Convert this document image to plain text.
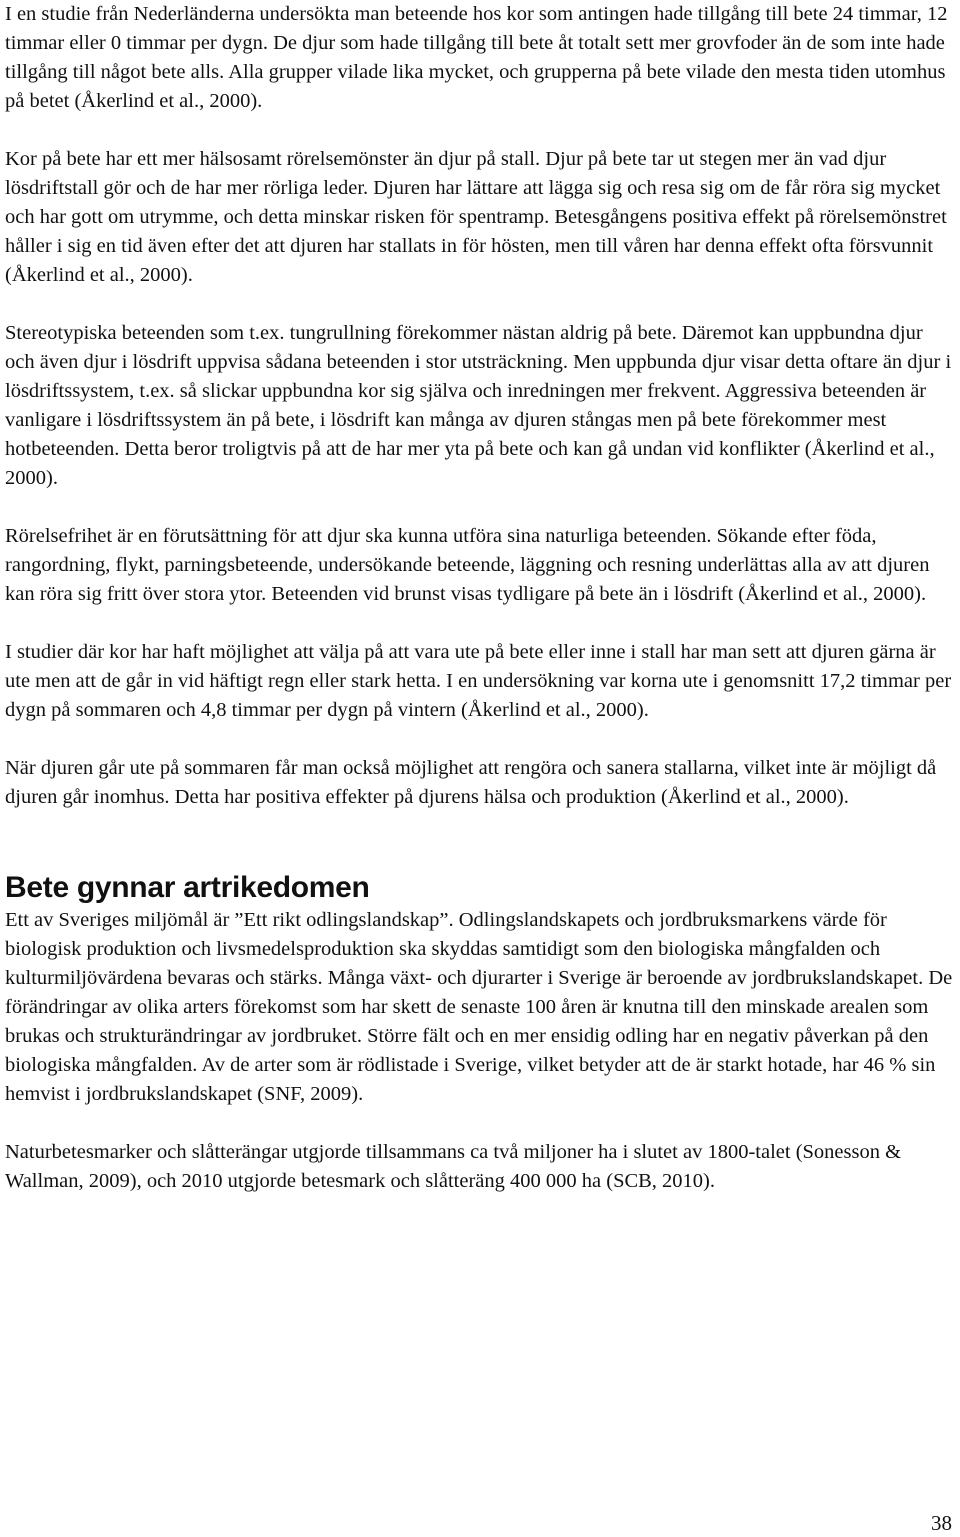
I en studie från Nederländerna undersökta man beteende hos kor som antingen hade tillgång till bete 24 timmar, 12 timmar eller 0 timmar per dygn. De djur som hade tillgång till bete åt totalt sett mer grovfoder än de som inte hade tillgång till något bete alls. Alla grupper vilade lika mycket, och grupperna på bete vilade den mesta tiden utomhus på betet (Åkerlind et al., 2000).

Kor på bete har ett mer hälsosamt rörelsemönster än djur på stall. Djur på bete tar ut stegen mer än vad djur lösdriftstall gör och de har mer rörliga leder. Djuren har lättare att lägga sig och resa sig om de får röra sig mycket och har gott om utrymme, och detta minskar risken för spentramp. Betesgångens positiva effekt på rörelsemönstret håller i sig en tid även efter det att djuren har stallats in för hösten, men till våren har denna effekt ofta försvunnit (Åkerlind et al., 2000).

Stereotypiska beteenden som t.ex. tungrullning förekommer nästan aldrig på bete. Däremot kan uppbundna djur och även djur i lösdrift uppvisa sådana beteenden i stor utsträckning. Men uppbunda djur visar detta oftare än djur i lösdriftssystem, t.ex. så slickar uppbundna kor sig själva och inredningen mer frekvent. Aggressiva beteenden är vanligare i lösdriftssystem än på bete, i lösdrift kan många av djuren stångas men på bete förekommer mest hotbeteenden. Detta beror troligtvis på att de har mer yta på bete och kan gå undan vid konflikter (Åkerlind et al., 2000).

Rörelsefrihet är en förutsättning för att djur ska kunna utföra sina naturliga beteenden. Sökande efter föda, rangordning, flykt, parningsbeteende, undersökande beteende, läggning och resning underlättas alla av att djuren kan röra sig fritt över stora ytor. Beteenden vid brunst visas tydligare på bete än i lösdrift (Åkerlind et al., 2000).

I studier där kor har haft möjlighet att välja på att vara ute på bete eller inne i stall har man sett att djuren gärna är ute men att de går in vid häftigt regn eller stark hetta. I en undersökning var korna ute i genomsnitt 17,2 timmar per dygn på sommaren och 4,8 timmar per dygn på vintern (Åkerlind et al., 2000).

När djuren går ute på sommaren får man också möjlighet att rengöra och sanera stallarna, vilket inte är möjligt då djuren går inomhus. Detta har positiva effekter på djurens hälsa och produktion (Åkerlind et al., 2000).

Bete gynnar artrikedomen

Ett av Sveriges miljömål är ”Ett rikt odlingslandskap”. Odlingslandskapets och jordbruksmarkens värde för biologisk produktion och livsmedelsproduktion ska skyddas samtidigt som den biologiska mångfalden och kulturmiljövärdena bevaras och stärks. Många växt- och djurarter i Sverige är beroende av jordbrukslandskapet. De förändringar av olika arters förekomst som har skett de senaste 100 åren är knutna till den minskade arealen som brukas och strukturändringar av jordbruket. Större fält och en mer ensidig odling har en negativ påverkan på den biologiska mångfalden. Av de arter som är rödlistade i Sverige, vilket betyder att de är starkt hotade, har 46 % sin hemvist i jordbrukslandskapet (SNF, 2009).

Naturbetesmarker och slåtterängar utgjorde tillsammans ca två miljoner ha i slutet av 1800-talet (Sonesson & Wallman, 2009), och 2010 utgjorde betesmark och slåtteräng 400 000 ha (SCB, 2010).

38
